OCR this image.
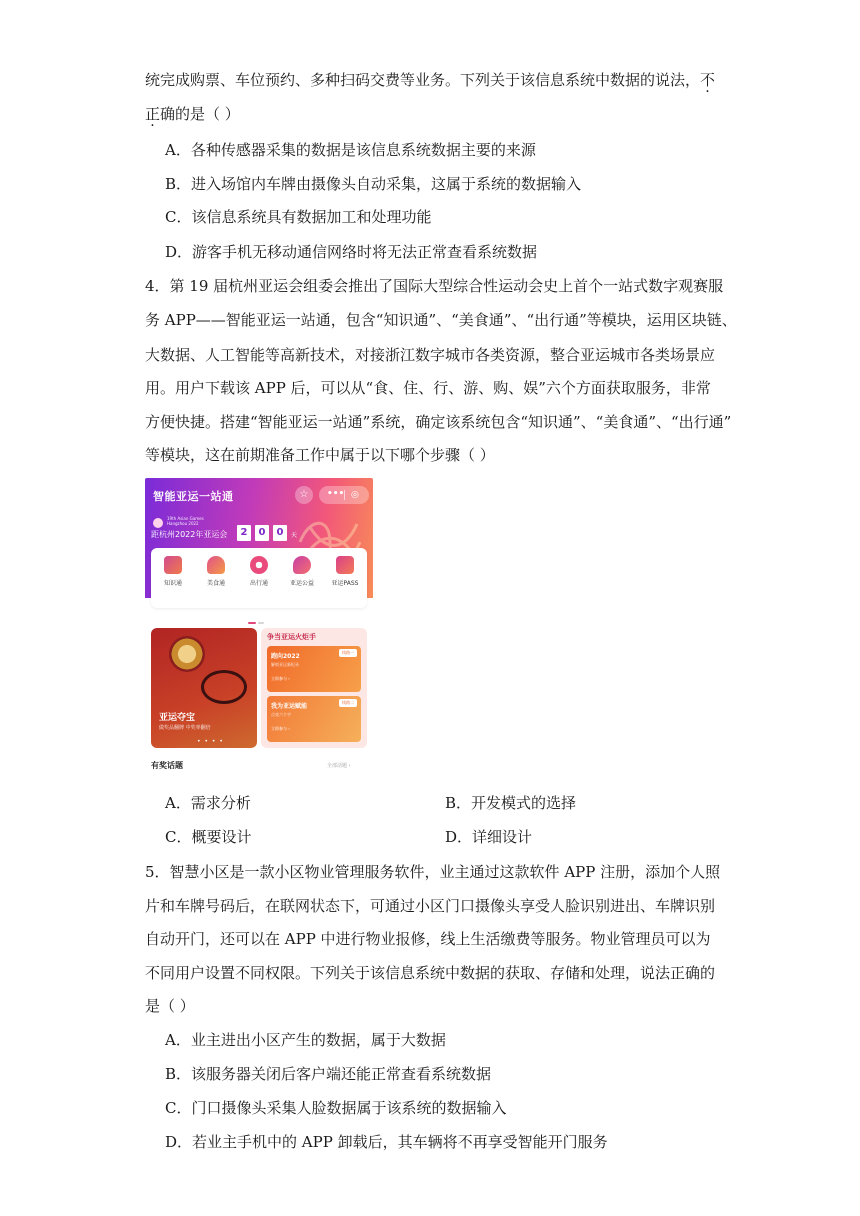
统完成购票、车位预约、多种扫码交费等业务。下列关于该信息系统中数据的说法，不
正确的是（ ）
A．各种传感器采集的数据是该信息系统数据主要的来源
B．进入场馆内车牌由摄像头自动采集，这属于系统的数据输入
C．该信息系统具有数据加工和处理功能
D．游客手机无移动通信网络时将无法正常查看系统数据
4．第 19 届杭州亚运会组委会推出了国际大型综合性运动会史上首个一站式数字观赛服
务 APP——智能亚运一站通，包含“知识通”、“美食通”、“出行通”等模块，运用区块链、
大数据、人工智能等高新技术，对接浙江数字城市各类资源，整合亚运城市各类场景应
用。用户下载该 APP 后，可以从“食、住、行、游、购、娱”六个方面获取服务，非常
方便快捷。搭建“智能亚运一站通”系统，确定该系统包含“知识通”、“美食通”、“出行通”
等模块，这在前期准备工作中属于以下哪个步骤（ ）
智能亚运一站通	☆	••• ◎
19th Asian Games
Hangzhou 2022
距杭州2022年亚运会	2	0	0	天
知识通	美食通	出行通	亚运公益	亚运PASS
亚运夺宝
做奖品翻牌 中奖率翻倍
• • • •
争当亚运火炬手
跑向2022
解锁亚运新纪录
立即参与 ›
线路一
我为亚运赋能
点亮六个字
立即参与 ›
线路二
有奖话题	全部话题 ›
A．需求分析	B．开发模式的选择
C．概要设计	D．详细设计
5．智慧小区是一款小区物业管理服务软件，业主通过这款软件 APP 注册，添加个人照
片和车牌号码后，在联网状态下，可通过小区门口摄像头享受人脸识别进出、车牌识别
自动开门，还可以在 APP 中进行物业报修，线上生活缴费等服务。物业管理员可以为
不同用户设置不同权限。下列关于该信息系统中数据的获取、存储和处理，说法正确的
是（ ）
A．业主进出小区产生的数据，属于大数据
B．该服务器关闭后客户端还能正常查看系统数据
C．门口摄像头采集人脸数据属于该系统的数据输入
D．若业主手机中的 APP 卸载后，其车辆将不再享受智能开门服务
